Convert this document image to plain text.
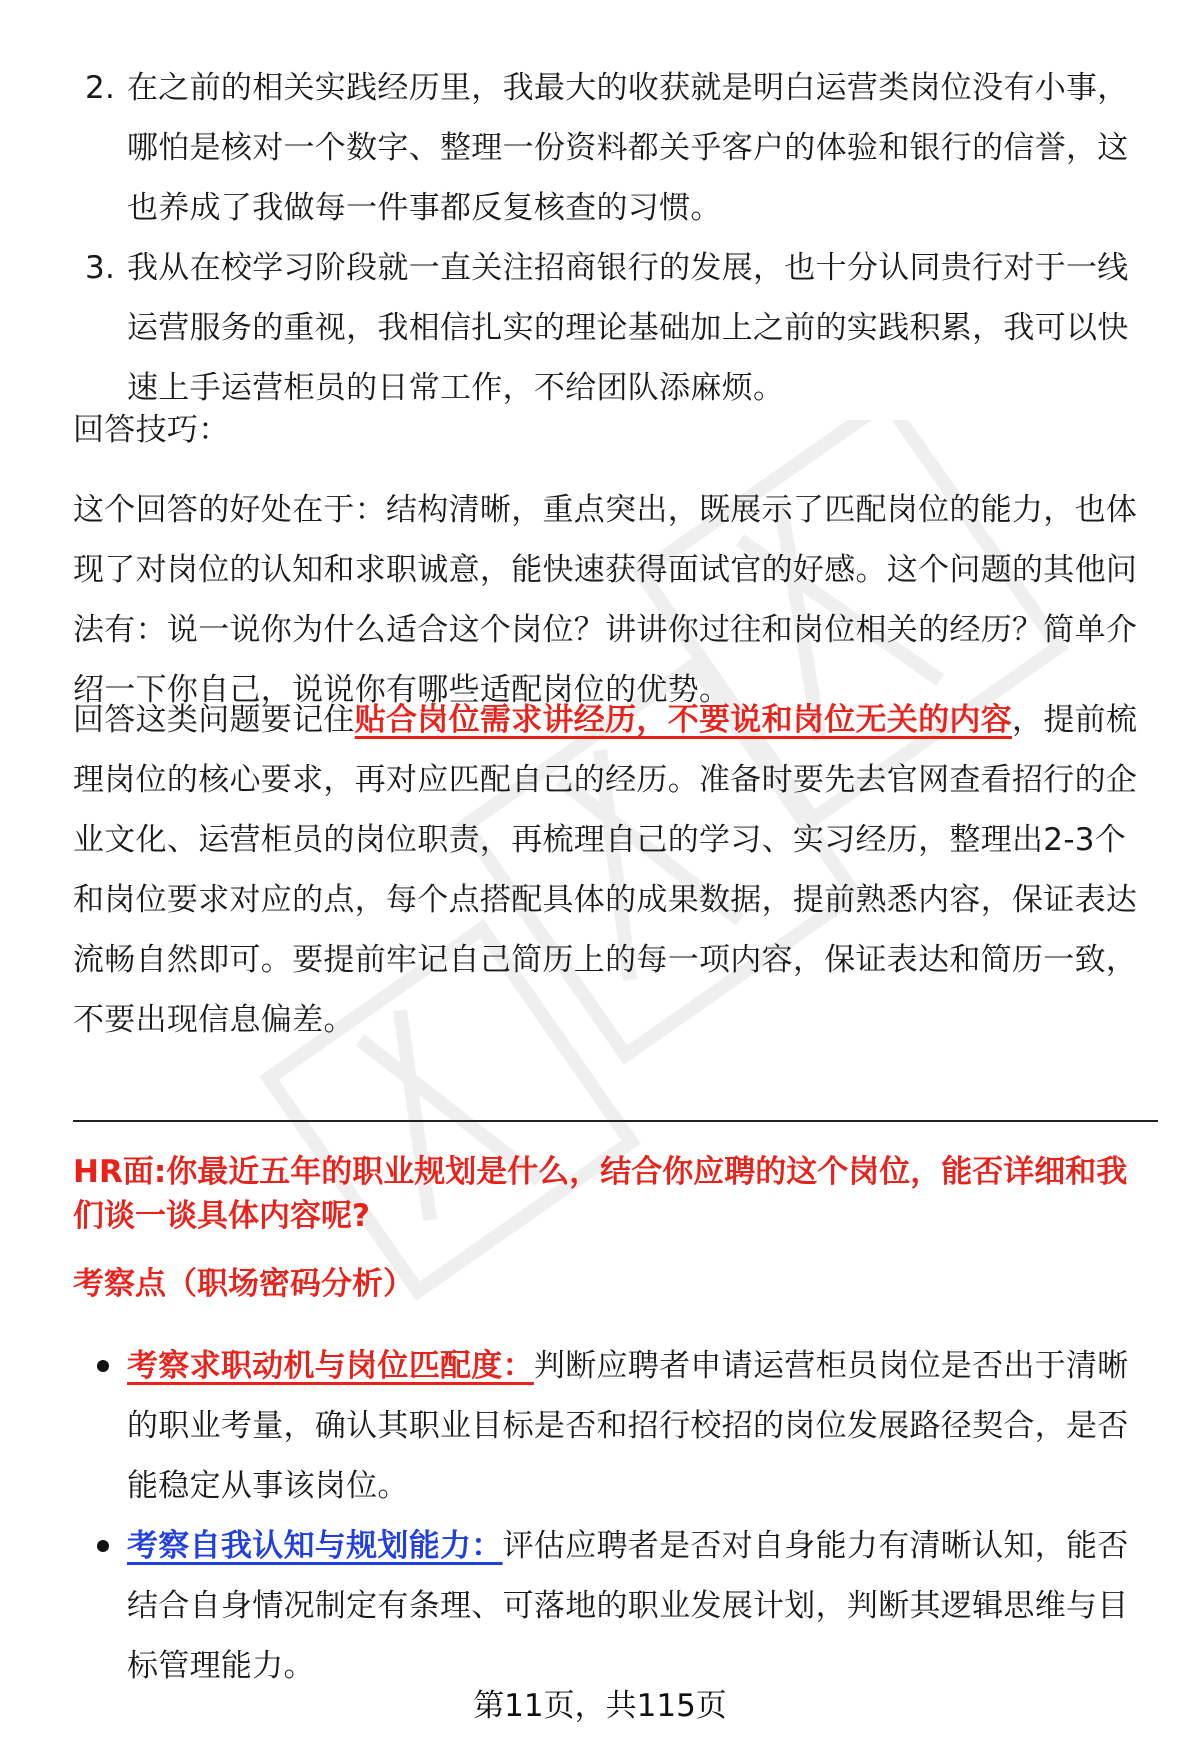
2. 在之前的相关实践经历里，我最大的收获就是明白运营类岗位没有小事，哪怕是核对一个数字、整理一份资料都关乎客户的体验和银行的信誉，这也养成了我做每一件事都反复核查的习惯。
3. 我从在校学习阶段就一直关注招商银行的发展，也十分认同贵行对于一线运营服务的重视，我相信扎实的理论基础加上之前的实践积累，我可以快速上手运营柜员的日常工作，不给团队添麻烦。
回答技巧：
这个回答的好处在于：结构清晰，重点突出，既展示了匹配岗位的能力，也体现了对岗位的认知和求职诚意，能快速获得面试官的好感。这个问题的其他问法有：说一说你为什么适合这个岗位？讲讲你过往和岗位相关的经历？简单介绍一下你自己，说说你有哪些适配岗位的优势。
回答这类问题要记住贴合岗位需求讲经历，不要说和岗位无关的内容，提前梳理岗位的核心要求，再对应匹配自己的经历。准备时要先去官网查看招行的企业文化、运营柜员的岗位职责，再梳理自己的学习、实习经历，整理出2-3个和岗位要求对应的点，每个点搭配具体的成果数据，提前熟悉内容，保证表达流畅自然即可。要提前牢记自己简历上的每一项内容，保证表达和简历一致，不要出现信息偏差。
HR面:你最近五年的职业规划是什么，结合你应聘的这个岗位，能否详细和我们谈一谈具体内容呢?
考察点（职场密码分析）
考察求职动机与岗位匹配度：判断应聘者申请运营柜员岗位是否出于清晰的职业考量，确认其职业目标是否和招行校招的岗位发展路径契合，是否能稳定从事该岗位。
考察自我认知与规划能力：评估应聘者是否对自身能力有清晰认知，能否结合自身情况制定有条理、可落地的职业发展计划，判断其逻辑思维与目标管理能力。
第11页，共115页
